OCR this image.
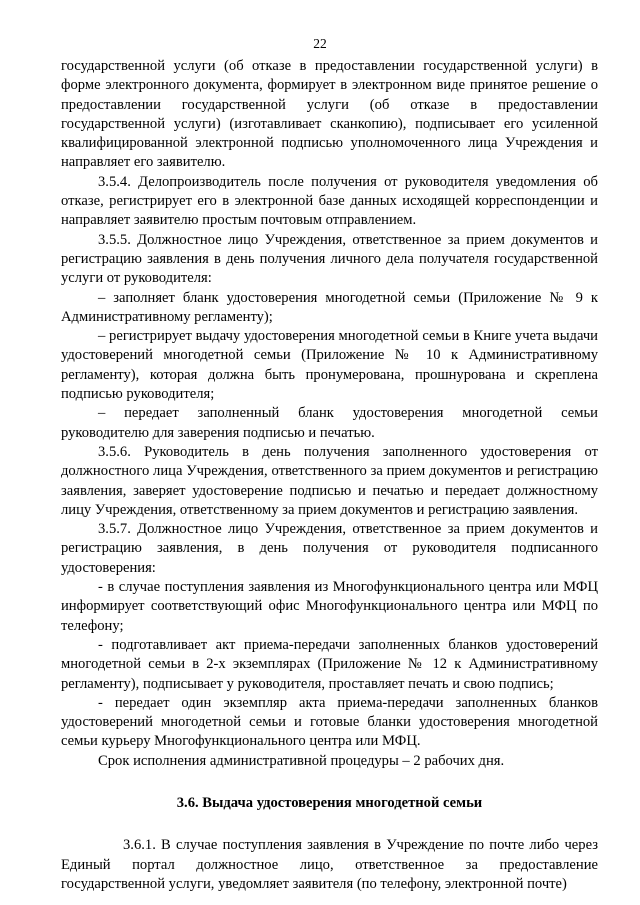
22

государственной услуги (об отказе в предоставлении государственной услуги) в форме электронного документа, формирует в электронном виде принятое решение о предоставлении государственной услуги (об отказе в предоставлении государственной услуги) (изготавливает сканкопию), подписывает его усиленной квалифицированной электронной подписью уполномоченного лица Учреждения и направляет его заявителю.

3.5.4. Делопроизводитель после получения от руководителя уведомления об отказе, регистрирует его в электронной базе данных исходящей корреспонденции и направляет заявителю простым почтовым отправлением.

3.5.5. Должностное лицо Учреждения, ответственное за прием документов и регистрацию заявления в день получения личного дела получателя государственной услуги от руководителя:

– заполняет бланк удостоверения многодетной семьи (Приложение № 9 к Административному регламенту);

– регистрирует выдачу удостоверения многодетной семьи в Книге учета выдачи удостоверений многодетной семьи (Приложение № 10 к Административному регламенту), которая должна быть пронумерована, прошнурована и скреплена подписью руководителя;

– передает заполненный бланк удостоверения многодетной семьи руководителю для заверения подписью и печатью.

3.5.6. Руководитель в день получения заполненного удостоверения от должностного лица Учреждения, ответственного за прием документов и регистрацию заявления, заверяет удостоверение подписью и печатью и передает должностному лицу Учреждения, ответственному за прием документов и регистрацию заявления.

3.5.7. Должностное лицо Учреждения, ответственное за прием документов и регистрацию заявления, в день получения от руководителя подписанного удостоверения:

- в случае поступления заявления из Многофункционального центра или МФЦ информирует соответствующий офис Многофункционального центра или МФЦ по телефону;

- подготавливает акт приема-передачи заполненных бланков удостоверений многодетной семьи в 2-х экземплярах (Приложение № 12 к Административному регламенту), подписывает у руководителя, проставляет печать и свою подпись;

- передает один экземпляр акта приема-передачи заполненных бланков удостоверений многодетной семьи и готовые бланки удостоверения многодетной семьи курьеру Многофункционального центра или МФЦ.

Срок исполнения административной процедуры – 2 рабочих дня.

3.6. Выдача удостоверения многодетной семьи

3.6.1. В случае поступления заявления в Учреждение по почте либо через Единый портал должностное лицо, ответственное за предоставление государственной услуги, уведомляет заявителя (по телефону, электронной почте)
